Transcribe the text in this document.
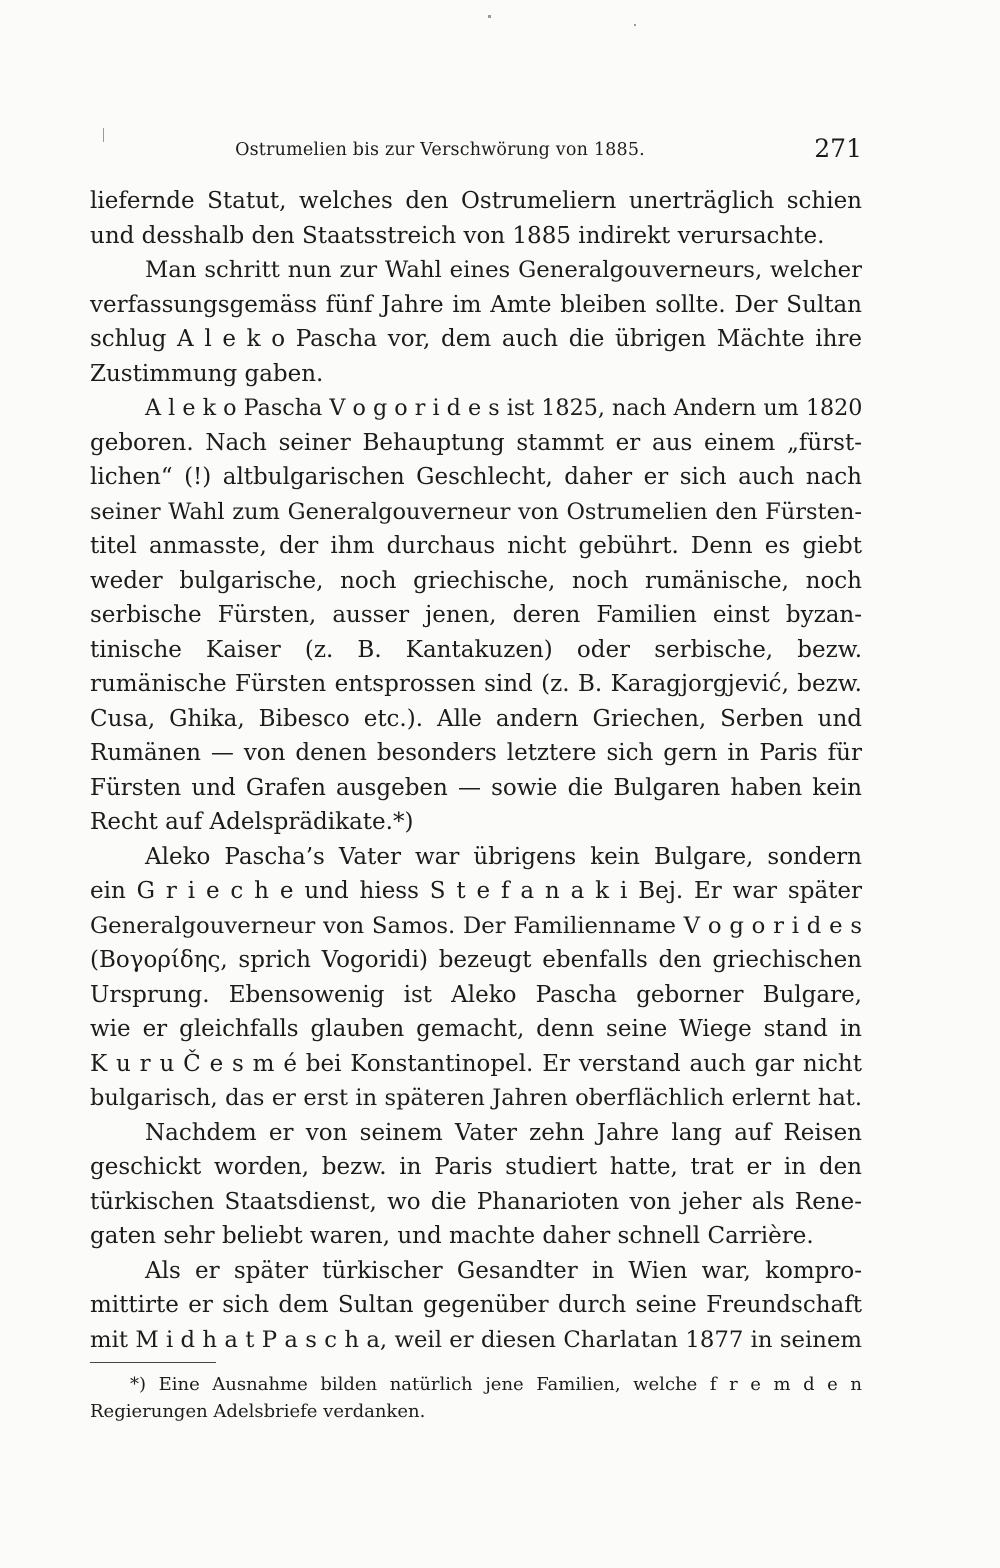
Ostrumelien bis zur Verschwörung von 1885.	271
liefernde Statut, welches den Ostrumeliern unerträglich schien
und desshalb den Staatsstreich von 1885 indirekt verursachte.
Man schritt nun zur Wahl eines Generalgouverneurs, welcher
verfassungsgemäss fünf Jahre im Amte bleiben sollte. Der Sultan
schlug A l e k o Pascha vor, dem auch die übrigen Mächte ihre
Zustimmung gaben.
A l e k o Pascha V o g o r i d e s ist 1825, nach Andern um 1820
geboren. Nach seiner Behauptung stammt er aus einem „fürst-
lichen“ (!) altbulgarischen Geschlecht, daher er sich auch nach
seiner Wahl zum Generalgouverneur von Ostrumelien den Fürsten-
titel anmasste, der ihm durchaus nicht gebührt. Denn es giebt
weder bulgarische, noch griechische, noch rumänische, noch
serbische Fürsten, ausser jenen, deren Familien einst byzan-
tinische Kaiser (z. B. Kantakuzen) oder serbische, bezw.
rumänische Fürsten entsprossen sind (z. B. Karagjorgjević, bezw.
Cusa, Ghika, Bibesco etc.). Alle andern Griechen, Serben und
Rumänen — von denen besonders letztere sich gern in Paris für
Fürsten und Grafen ausgeben — sowie die Bulgaren haben kein
Recht auf Adelsprädikate.*)
Aleko Pascha’s Vater war übrigens kein Bulgare, sondern
ein G r i e c h e und hiess S t e f a n a k i Bej. Er war später
Generalgouverneur von Samos. Der Familienname V o g o r i d e s
(Βογορίδης, sprich Vogoridi) bezeugt ebenfalls den griechischen
Ursprung. Ebensowenig ist Aleko Pascha geborner Bulgare,
wie er gleichfalls glauben gemacht, denn seine Wiege stand in
K u r u Č e s m é bei Konstantinopel. Er verstand auch gar nicht
bulgarisch, das er erst in späteren Jahren oberflächlich erlernt hat.
Nachdem er von seinem Vater zehn Jahre lang auf Reisen
geschickt worden, bezw. in Paris studiert hatte, trat er in den
türkischen Staatsdienst, wo die Phanarioten von jeher als Rene-
gaten sehr beliebt waren, und machte daher schnell Carrière.
Als er später türkischer Gesandter in Wien war, kompro-
mittirte er sich dem Sultan gegenüber durch seine Freundschaft
mit M i d h a t P a s c h a, weil er diesen Charlatan 1877 in seinem
*) Eine Ausnahme bilden natürlich jene Familien, welche f r e m d e n
Regierungen Adelsbriefe verdanken.
